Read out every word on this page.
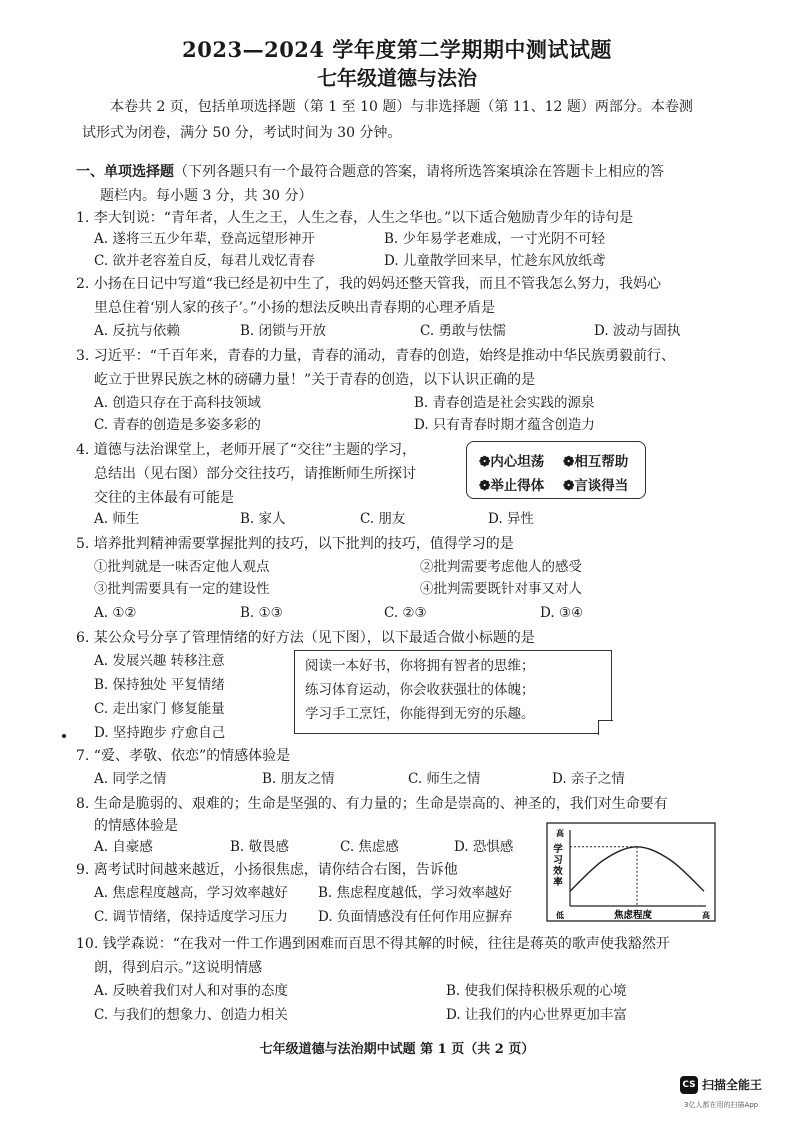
2023—2024 学年度第二学期期中测试试题
七年级道德与法治
本卷共 2 页，包括单项选择题（第 1 至 10 题）与非选择题（第 11、12 题）两部分。本卷测
试形式为闭卷，满分 50 分，考试时间为 30 分钟。
一、单项选择题（下列各题只有一个最符合题意的答案，请将所选答案填涂在答题卡上相应的答
题栏内。每小题 3 分，共 30 分）
1. 李大钊说：“青年者，人生之王，人生之春，人生之华也。”以下适合勉励青少年的诗句是
A. 遂将三五少年辈，登高远望形神开	B. 少年易学老难成，一寸光阴不可轻
C. 欲并老容羞自反，每君儿戏忆青春	D. 儿童散学回来早，忙趁东风放纸鸢
2. 小扬在日记中写道“我已经是初中生了，我的妈妈还整天管我，而且不管我怎么努力，我妈心
里总住着‘别人家的孩子’。”小扬的想法反映出青春期的心理矛盾是
A. 反抗与依赖	B. 闭锁与开放	C. 勇敢与怯懦	D. 波动与固执
3. 习近平：“千百年来，青春的力量，青春的涌动，青春的创造，始终是推动中华民族勇毅前行、
屹立于世界民族之林的磅礴力量！”关于青春的创造，以下认识正确的是
A. 创造只存在于高科技领域	B. 青春创造是社会实践的源泉
C. 青春的创造是多姿多彩的	D. 只有青春时期才蕴含创造力
4. 道德与法治课堂上，老师开展了“交往”主题的学习，
总结出（见右图）部分交往技巧，请推断师生所探讨
交往的主体最有可能是
❁内心坦荡 ❁相互帮助
❁举止得体 ❁言谈得当
A. 师生	B. 家人	C. 朋友	D. 异性
5. 培养批判精神需要掌握批判的技巧，以下批判的技巧，值得学习的是
①批判就是一味否定他人观点	②批判需要考虑他人的感受
③批判需要具有一定的建设性	④批判需要既针对事又对人
A. ①②	B. ①③	C. ②③	D. ③④
6. 某公众号分享了管理情绪的好方法（见下图），以下最适合做小标题的是
A. 发展兴趣 转移注意
B. 保持独处 平复情绪
C. 走出家门 修复能量
D. 坚持跑步 疗愈自己
阅读一本好书，你将拥有智者的思维；
练习体育运动，你会收获强壮的体魄；
学习手工烹饪，你能得到无穷的乐趣。
7. “爱、孝敬、依恋”的情感体验是
A. 同学之情	B. 朋友之情	C. 师生之情	D. 亲子之情
8. 生命是脆弱的、艰难的；生命是坚强的、有力量的；生命是崇高的、神圣的，我们对生命要有
的情感体验是
A. 自豪感	B. 敬畏感	C. 焦虑感	D. 恐惧感
9. 离考试时间越来越近，小扬很焦虑，请你结合右图，告诉他
A. 焦虑程度越高，学习效率越好 B. 焦虑程度越低，学习效率越好
C. 调节情绪，保持适度学习压力 D. 负面情感没有任何作用应摒弃
高
低	高
焦虑程度
学
习
效
率
10. 钱学森说：“在我对一件工作遇到困难而百思不得其解的时候，往往是蒋英的歌声使我豁然开
朗，得到启示。”这说明情感
A. 反映着我们对人和对事的态度	B. 使我们保持积极乐观的心境
C. 与我们的想象力、创造力相关	D. 让我们的内心世界更加丰富
七年级道德与法治期中试题 第 1 页（共 2 页）
CS 扫描全能王
3亿人都在用的扫描App
